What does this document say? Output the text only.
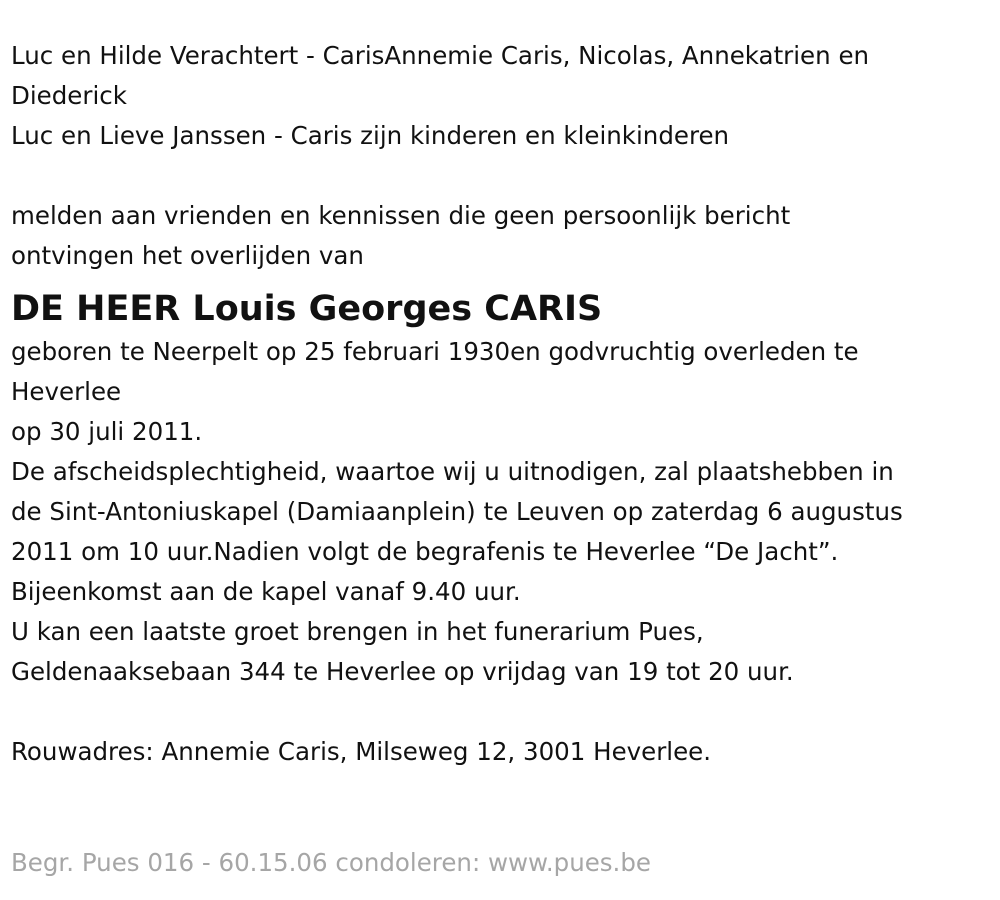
Luc en Hilde Verachtert - CarisAnnemie Caris, Nicolas, Annekatrien en

Diederick

Luc en Lieve Janssen - Caris zijn kinderen en kleinkinderen

melden aan vrienden en kennissen die geen persoonlijk bericht

ontvingen het overlijden van

DE HEER Louis Georges CARIS

geboren te Neerpelt op 25 februari 1930en godvruchtig overleden te

Heverlee

op 30 juli 2011.

De afscheidsplechtigheid, waartoe wij u uitnodigen, zal plaatshebben in

de Sint-Antoniuskapel (Damiaanplein) te Leuven op zaterdag 6 augustus

2011 om 10 uur.Nadien volgt de begrafenis te Heverlee “De Jacht”.

Bijeenkomst aan de kapel vanaf 9.40 uur.

U kan een laatste groet brengen in het funerarium Pues,

Geldenaaksebaan 344 te Heverlee op vrijdag van 19 tot 20 uur.

Rouwadres: Annemie Caris, Milseweg 12, 3001 Heverlee.

Begr. Pues 016 - 60.15.06 condoleren: www.pues.be
